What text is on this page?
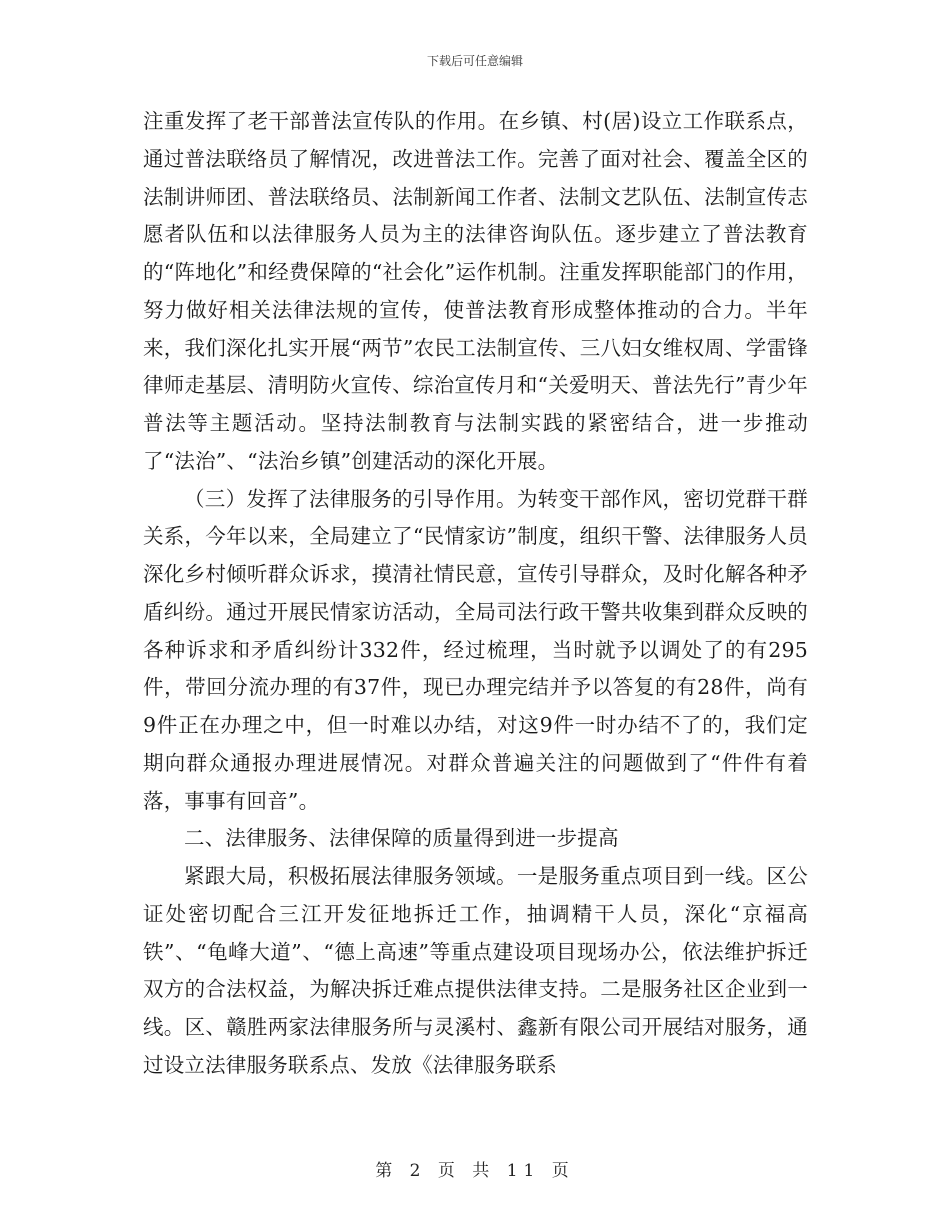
下载后可任意编辑

注重发挥了老干部普法宣传队的作用。在乡镇、村(居)设立工作联系点，通过普法联络员了解情况，改进普法工作。完善了面对社会、覆盖全区的法制讲师团、普法联络员、法制新闻工作者、法制文艺队伍、法制宣传志愿者队伍和以法律服务人员为主的法律咨询队伍。逐步建立了普法教育的“阵地化”和经费保障的“社会化”运作机制。注重发挥职能部门的作用，努力做好相关法律法规的宣传，使普法教育形成整体推动的合力。半年来，我们深化扎实开展“两节”农民工法制宣传、三八妇女维权周、学雷锋律师走基层、清明防火宣传、综治宣传月和“关爱明天、普法先行”青少年普法等主题活动。坚持法制教育与法制实践的紧密结合，进一步推动了“法治”、“法治乡镇”创建活动的深化开展。

（三）发挥了法律服务的引导作用。为转变干部作风，密切党群干群关系，今年以来，全局建立了“民情家访”制度，组织干警、法律服务人员深化乡村倾听群众诉求，摸清社情民意，宣传引导群众，及时化解各种矛盾纠纷。通过开展民情家访活动，全局司法行政干警共收集到群众反映的各种诉求和矛盾纠纷计332件，经过梳理，当时就予以调处了的有295件，带回分流办理的有37件，现已办理完结并予以答复的有28件，尚有9件正在办理之中，但一时难以办结，对这9件一时办结不了的，我们定期向群众通报办理进展情况。对群众普遍关注的问题做到了“件件有着落，事事有回音”。

二、法律服务、法律保障的质量得到进一步提高

紧跟大局，积极拓展法律服务领域。一是服务重点项目到一线。区公证处密切配合三江开发征地拆迁工作，抽调精干人员，深化“京福高铁”、“龟峰大道”、“德上高速”等重点建设项目现场办公，依法维护拆迁双方的合法权益，为解决拆迁难点提供法律支持。二是服务社区企业到一线。区、赣胜两家法律服务所与灵溪村、鑫新有限公司开展结对服务，通过设立法律服务联系点、发放《法律服务联系

第 2 页 共 11 页
